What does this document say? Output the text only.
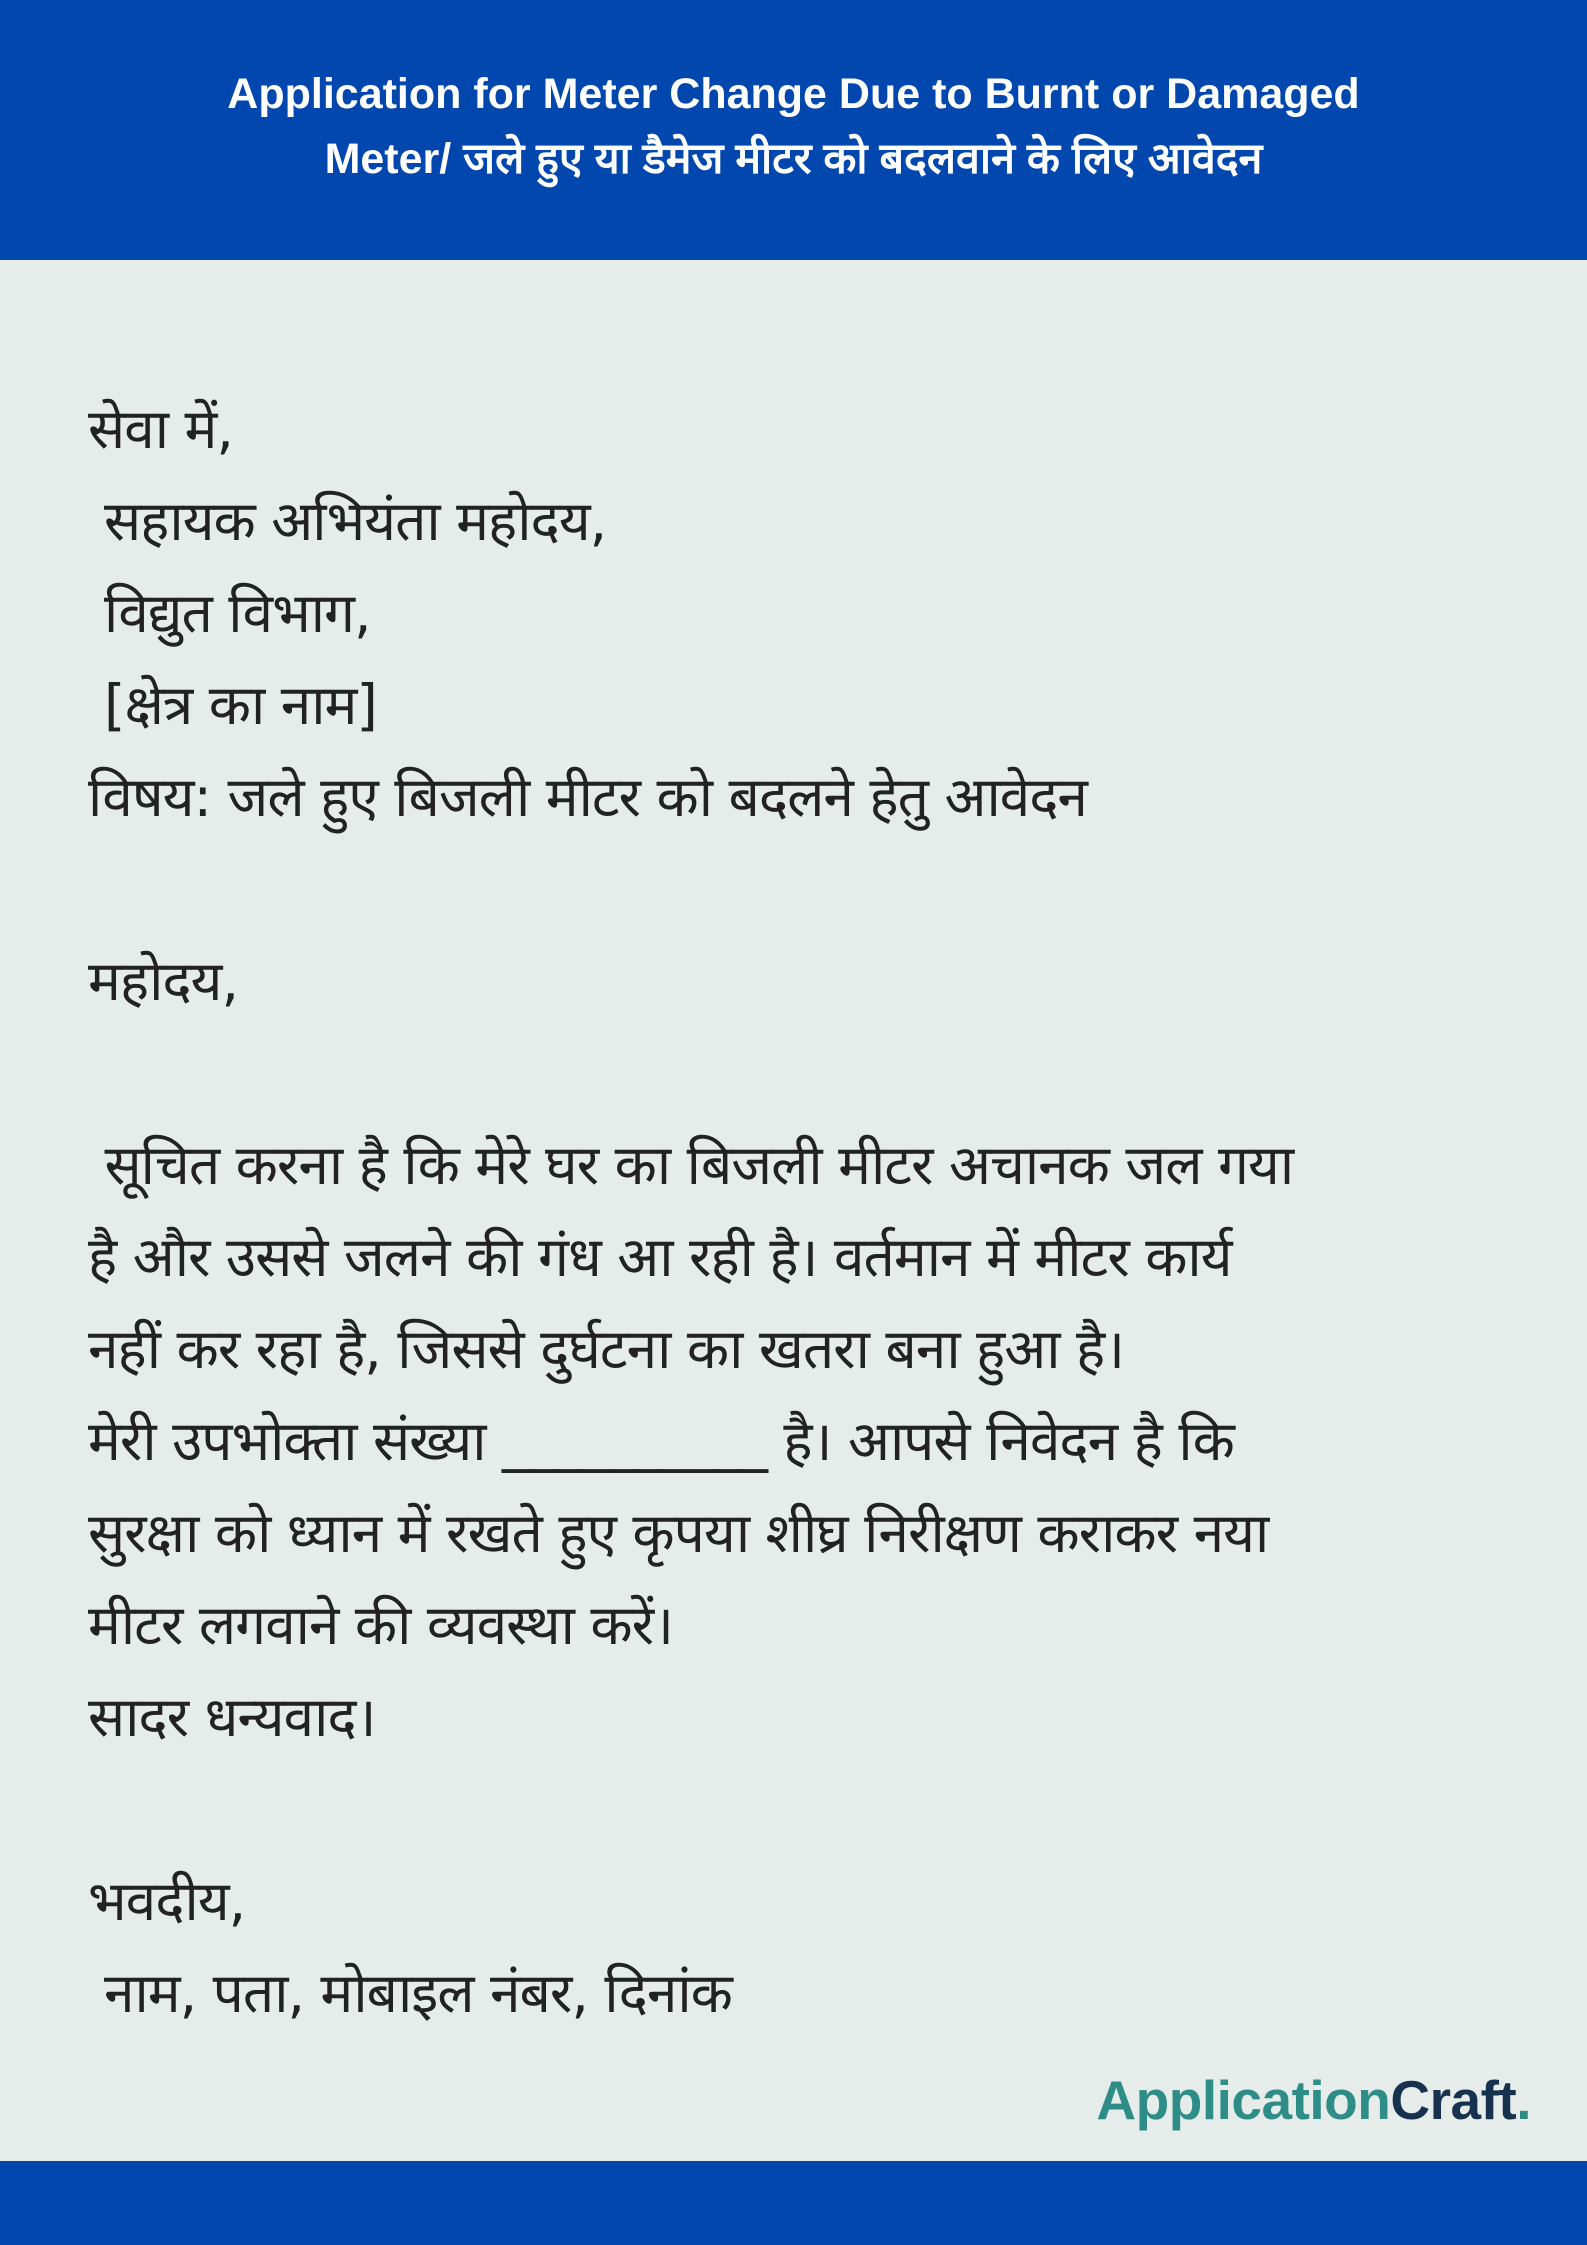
Application for Meter Change Due to Burnt or Damaged
Meter/ जले हुए या डैमेज मीटर को बदलवाने के लिए आवेदन
सेवा में,
सहायक अभियंता महोदय,
विद्युत विभाग,
[क्षेत्र का नाम]
विषय: जले हुए बिजली मीटर को बदलने हेतु आवेदन
महोदय,
सूचित करना है कि मेरे घर का बिजली मीटर अचानक जल गया
है और उससे जलने की गंध आ रही है। वर्तमान में मीटर कार्य
नहीं कर रहा है, जिससे दुर्घटना का खतरा बना हुआ है।
मेरी उपभोक्ता संख्या __________ है। आपसे निवेदन है कि
सुरक्षा को ध्यान में रखते हुए कृपया शीघ्र निरीक्षण कराकर नया
मीटर लगवाने की व्यवस्था करें।
सादर धन्यवाद।
भवदीय,
नाम, पता, मोबाइल नंबर, दिनांक
ApplicationCraft.
